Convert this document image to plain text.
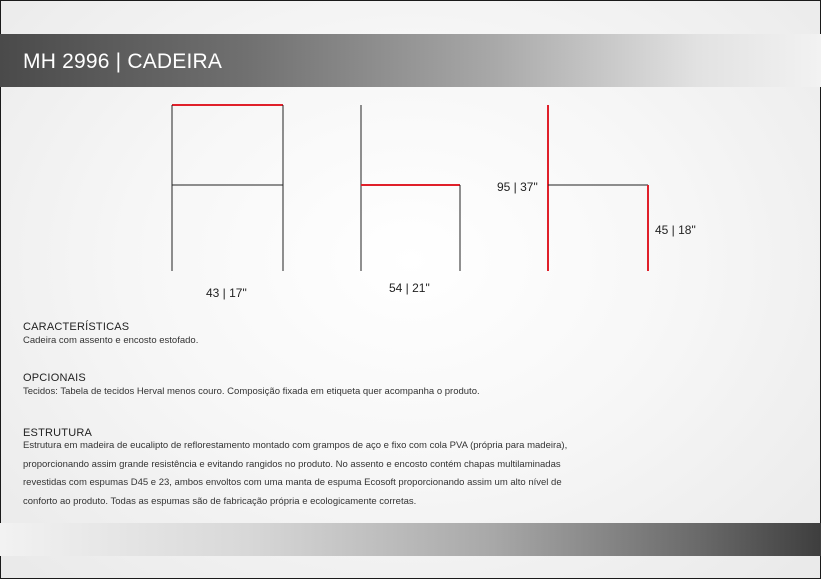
MH 2996 | CADEIRA
43 | 17"	54 | 21"
95 | 37"
45 | 18"
CARACTERÍSTICAS
Cadeira com assento e encosto estofado.
OPCIONAIS
Tecidos: Tabela de tecidos Herval menos couro. Composição fixada em etiqueta quer acompanha o produto.
ESTRUTURA
Estrutura em madeira de eucalipto de reflorestamento montado com grampos de aço e fixo com cola PVA (própria para madeira),
proporcionando assim grande resistência e evitando rangidos no produto. No assento e encosto contém chapas multilaminadas
revestidas com espumas D45 e 23, ambos envoltos com uma manta de espuma Ecosoft proporcionando assim um alto nível de
conforto ao produto. Todas as espumas são de fabricação própria e ecologicamente corretas.
